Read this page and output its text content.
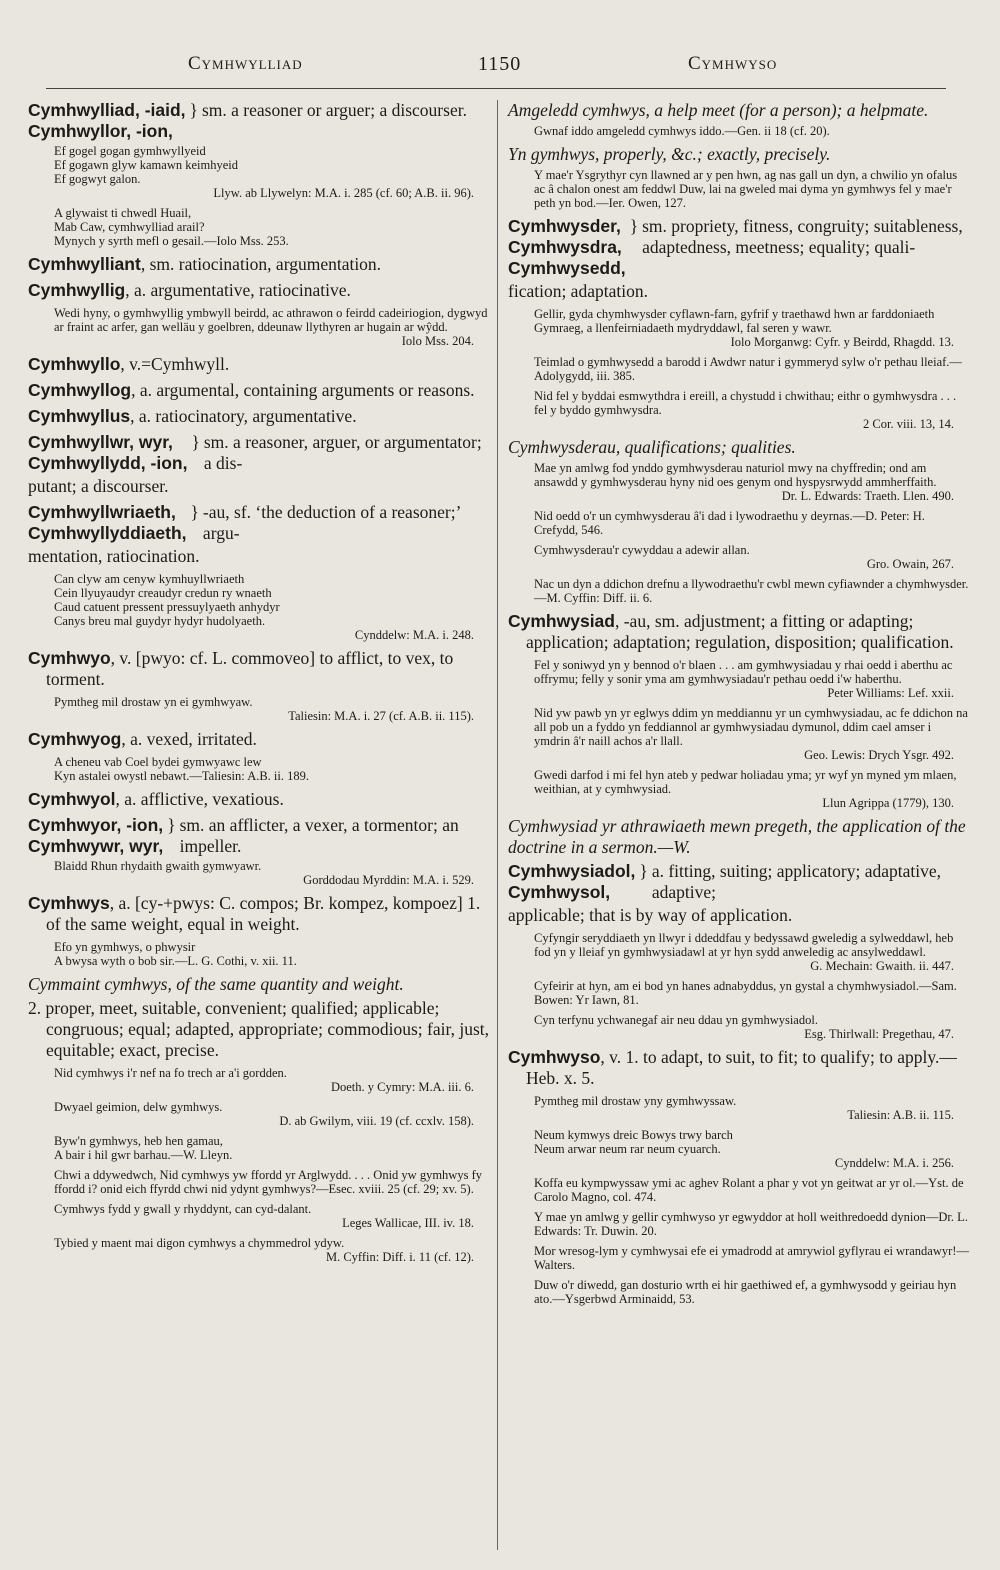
Cymhwylliad	1150	Cymhwyso
Cymhwylliad, -iaid,
Cymhwyllor, -ion,
} sm. a reasoner or arguer; a discourser.
Ef gogel gogan gymhwyllyeid
Ef gogawn glyw kamawn keimhyeid
Ef gogwyt galon.
Llyw. ab Llywelyn: M.A. i. 285 (cf. 60; A.B. ii. 96).
A glywaist ti chwedl Huail,
Mab Caw, cymhwylliad arail?
Mynych y syrth mefl o gesail.—Iolo Mss. 253.

Cymhwylliant, sm. ratiocination, argumentation.

Cymhwyllig, a. argumentative, ratiocinative.

Wedi hyny, o gymhwyllig ymbwyll beirdd, ac athrawon o feirdd cadeiriogion, dygwyd ar fraint ac arfer, gan welläu y goelbren, ddeunaw llythyren ar hugain ar wŷdd.
Iolo Mss. 204.

Cymhwyllo, v.=Cymhwyll.

Cymhwyllog, a. argumental, containing arguments or reasons.

Cymhwyllus, a. ratiocinatory, argumentative.

Cymhwyllwr, wyr,
Cymhwyllydd, -ion,
} sm. a reasoner, arguer, or argumentator; a dis-

putant; a discourser.

Cymhwyllwriaeth,
Cymhwyllyddiaeth,
} -au, sf. ‘the deduction of a reasoner;’ argu-

mentation, ratiocination.

Can clyw am cenyw kymhuyllwriaeth
Cein llyuyaudyr creaudyr credun ry wnaeth
Caud catuent pressent pressuylyaeth anhydyr
Canys breu mal guydyr hydyr hudolyaeth.
Cynddelw: M.A. i. 248.

Cymhwyo, v. [pwyo: cf. L. commoveo] to afflict, to vex, to torment.

Pymtheg mil drostaw yn ei gymhwyaw.
Taliesin: M.A. i. 27 (cf. A.B. ii. 115).

Cymhwyog, a. vexed, irritated.

A cheneu vab Coel bydei gymwyawc lew
Kyn astalei owystl nebawt.—Taliesin: A.B. ii. 189.

Cymhwyol, a. afflictive, vexatious.

Cymhwyor, -ion,
Cymhwywr, wyr,
} sm. an afflicter, a vexer, a tormentor; an impeller.
Blaidd Rhun rhydaith gwaith gymwyawr.
Gorddodau Myrddin: M.A. i. 529.

Cymhwys, a. [cy-+pwys: C. compos; Br. kompez, kompoez] 1. of the same weight, equal in weight.

Efo yn gymhwys, o phwysir
A bwysa wyth o bob sir.—L. G. Cothi, v. xii. 11.

Cymmaint cymhwys, of the same quantity and weight.

2. proper, meet, suitable, convenient; qualified; applicable; congruous; equal; adapted, appropriate; commodious; fair, just, equitable; exact, precise.

Nid cymhwys i'r nef na fo trech ar a'i gordden.
Doeth. y Cymry: M.A. iii. 6.
Dwyael geimion, delw gymhwys.
D. ab Gwilym, viii. 19 (cf. ccxlv. 158).
Byw'n gymhwys, heb hen gamau,
A bair i hil gwr barhau.—W. Lleyn.
Chwi a ddywedwch, Nid cymhwys yw ffordd yr Arglwydd. . . . Onid yw gymhwys fy ffordd i? onid eich ffyrdd chwi nid ydynt gymhwys?—Esec. xviii. 25 (cf. 29; xv. 5).
Cymhwys fydd y gwall y rhyddynt, can cyd-dalant.
Leges Wallicae, III. iv. 18.
Tybied y maent mai digon cymhwys a chymmedrol ydyw.
M. Cyffin: Diff. i. 11 (cf. 12).

Amgeledd cymhwys, a help meet (for a person); a helpmate.

Gwnaf iddo amgeledd cymhwys iddo.—Gen. ii 18 (cf. 20).

Yn gymhwys, properly, &c.; exactly, precisely.

Y mae'r Ysgrythyr cyn llawned ar y pen hwn, ag nas gall un dyn, a chwilio yn ofalus ac â chalon onest am feddwl Duw, lai na gweled mai dyma yn gymhwys fel y mae'r peth yn bod.—Ier. Owen, 127.
Cymhwysder,
Cymhwysdra,
Cymhwysedd,
} sm. propriety, fitness, congruity; suitableness, adaptedness, meetness; equality; quali-

fication; adaptation.

Gellir, gyda chymhwysder cyflawn-farn, gyfrif y traethawd hwn ar farddoniaeth Gymraeg, a llenfeirniadaeth mydryddawl, fal seren y wawr.
Iolo Morganwg: Cyfr. y Beirdd, Rhagdd. 13.
Teimlad o gymhwysedd a barodd i Awdwr natur i gymmeryd sylw o'r pethau lleiaf.—Adolygydd, iii. 385.
Nid fel y byddai esmwythdra i ereill, a chystudd i chwithau; eithr o gymhwysdra . . . fel y byddo gymhwysdra.
2 Cor. viii. 13, 14.

Cymhwysderau, qualifications; qualities.

Mae yn amlwg fod ynddo gymhwysderau naturiol mwy na chyffredin; ond am ansawdd y gymhwysderau hyny nid oes genym ond hyspysrwydd ammherffaith.
Dr. L. Edwards: Traeth. Llen. 490.
Nid oedd o'r un cymhwysderau â'i dad i lywodraethu y deyrnas.—D. Peter: H. Crefydd, 546.
Cymhwysderau'r cywyddau a adewir allan.
Gro. Owain, 267.
Nac un dyn a ddichon drefnu a llywodraethu'r cwbl mewn cyfiawnder a chymhwysder.—M. Cyffin: Diff. ii. 6.

Cymhwysiad, -au, sm. adjustment; a fitting or adapting; application; adaptation; regulation, disposition; qualification.

Fel y soniwyd yn y bennod o'r blaen . . . am gymhwysiadau y rhai oedd i aberthu ac offrymu; felly y sonir yma am gymhwysiadau'r pethau oedd i'w haberthu.
Peter Williams: Lef. xxii.
Nid yw pawb yn yr eglwys ddim yn meddiannu yr un cymhwysiadau, ac fe ddichon na all pob un a fyddo yn feddiannol ar gymhwysiadau dymunol, ddim cael amser i ymdrin â'r naill achos a'r llall.
Geo. Lewis: Drych Ysgr. 492.
Gwedi darfod i mi fel hyn ateb y pedwar holiadau yma; yr wyf yn myned ym mlaen, weithian, at y cymhwysiad.
Llun Agrippa (1779), 130.

Cymhwysiad yr athrawiaeth mewn pregeth, the application of the doctrine in a sermon.—W.

Cymhwysiadol,
Cymhwysol,
} a. fitting, suiting; applicatory; adaptative, adaptive;

applicable; that is by way of application.

Cyfyngir seryddiaeth yn llwyr i ddeddfau y bedyssawd gweledig a sylweddawl, heb fod yn y lleiaf yn gymhwysiadawl at yr hyn sydd anweledig ac ansylweddawl.
G. Mechain: Gwaith. ii. 447.
Cyfeirir at hyn, am ei bod yn hanes adnabyddus, yn gystal a chymhwysiadol.—Sam. Bowen: Yr Iawn, 81.
Cyn terfynu ychwanegaf air neu ddau yn gymhwysiadol.
Esg. Thirlwall: Pregethau, 47.

Cymhwyso, v. 1. to adapt, to suit, to fit; to qualify; to apply.—Heb. x. 5.

Pymtheg mil drostaw yny gymhwyssaw.
Taliesin: A.B. ii. 115.
Neum kymwys dreic Bowys trwy barch
Neum arwar neum rar neum cyuarch.
Cynddelw: M.A. i. 256.
Koffa eu kympwyssaw ymi ac aghev Rolant a phar y vot yn geitwat ar yr ol.—Yst. de Carolo Magno, col. 474.
Y mae yn amlwg y gellir cymhwyso yr egwyddor at holl weithredoedd dynion—Dr. L. Edwards: Tr. Duwin. 20.
Mor wresog-lym y cymhwysai efe ei ymadrodd at amrywiol gyflyrau ei wrandawyr!—Walters.
Duw o'r diwedd, gan dosturio wrth ei hir gaethiwed ef, a gymhwysodd y geiriau hyn ato.—Ysgerbwd Arminaidd, 53.
